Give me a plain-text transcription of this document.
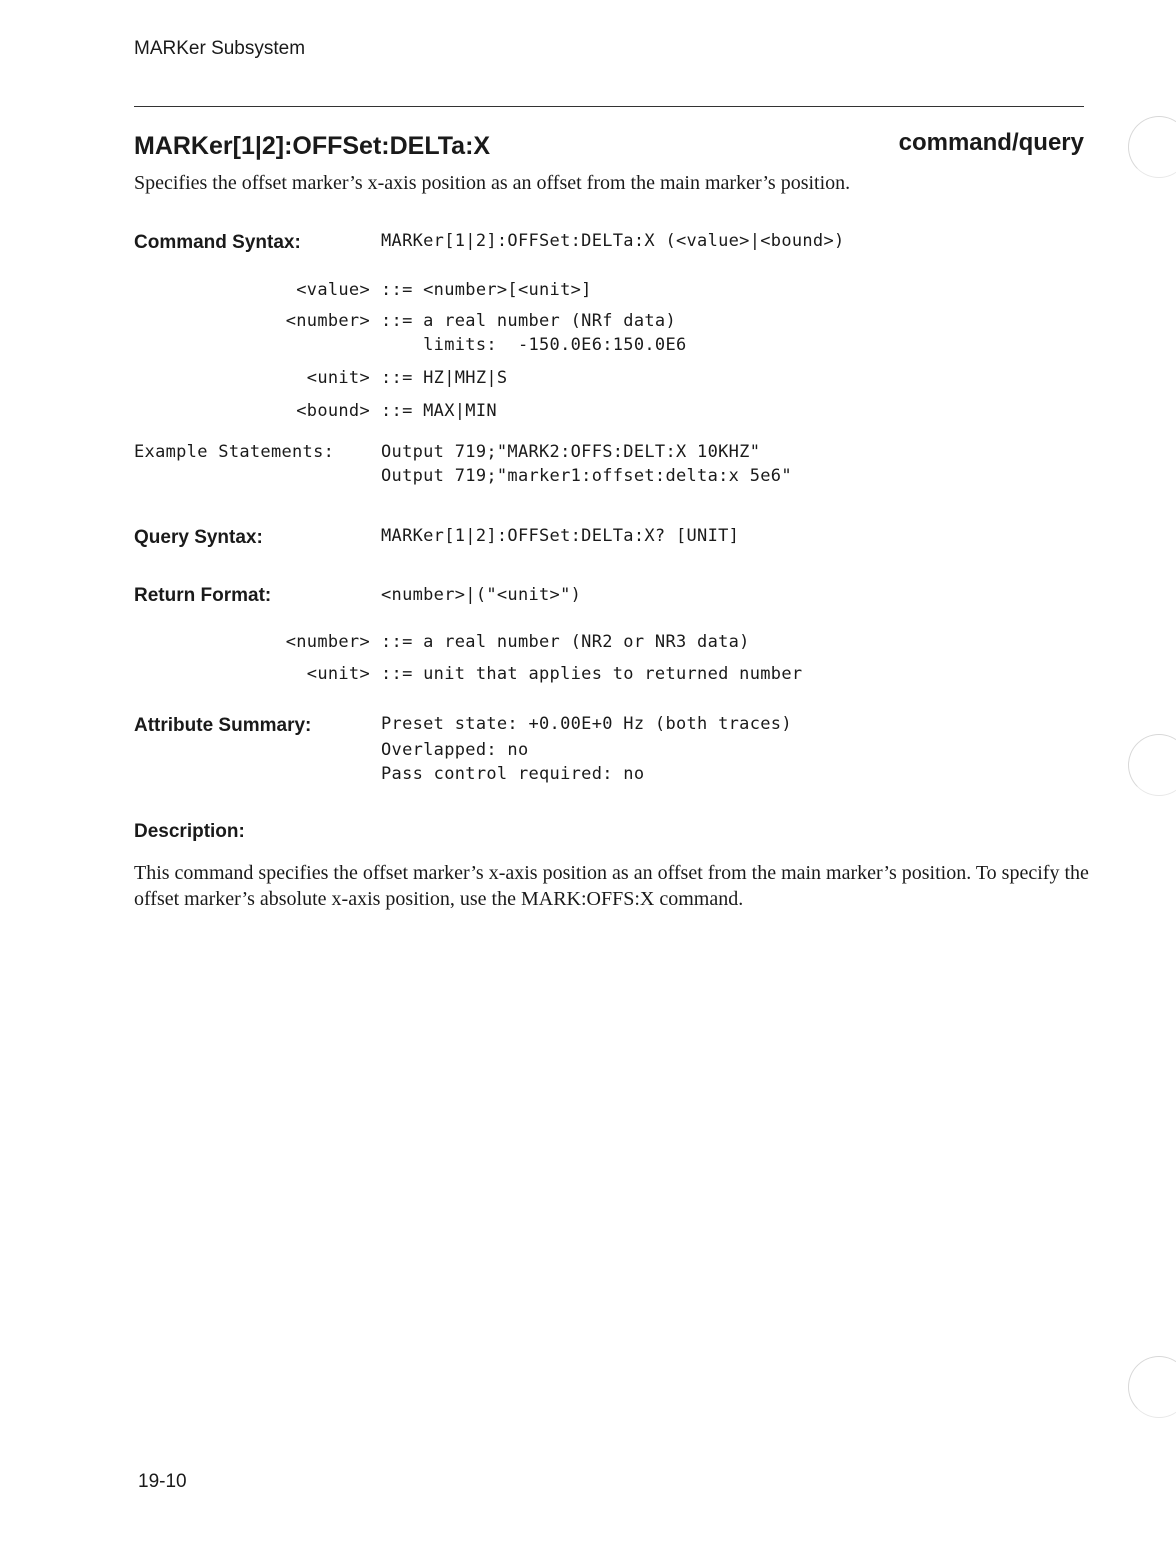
MARKer Subsystem
MARKer[1|2]:OFFSet:DELTa:X	command/query
Specifies the offset marker’s x-axis position as an offset from the main marker’s position.
Command Syntax:	MARKer[1|2]:OFFSet:DELTa:X (<value>|<bound>)
<value> ::= <number>[<unit>]
<number> ::= a real number (NRf data)
limits:  -150.0E6:150.0E6
<unit> ::= HZ|MHZ|S
<bound> ::= MAX|MIN
Example Statements:	Output 719;"MARK2:OFFS:DELT:X 10KHZ"
Output 719;"marker1:offset:delta:x 5e6"
Query Syntax:	MARKer[1|2]:OFFSet:DELTa:X? [UNIT]
Return Format:	<number>|("<unit>")
<number> ::= a real number (NR2 or NR3 data)
<unit> ::= unit that applies to returned number
Attribute Summary:	Preset state: +0.00E+0 Hz (both traces)
Overlapped: no
Pass control required: no
Description:
This command specifies the offset marker’s x-axis position as an offset from the main marker’s position. To specify the offset marker’s absolute x-axis position, use the MARK:OFFS:X command.
19-10
